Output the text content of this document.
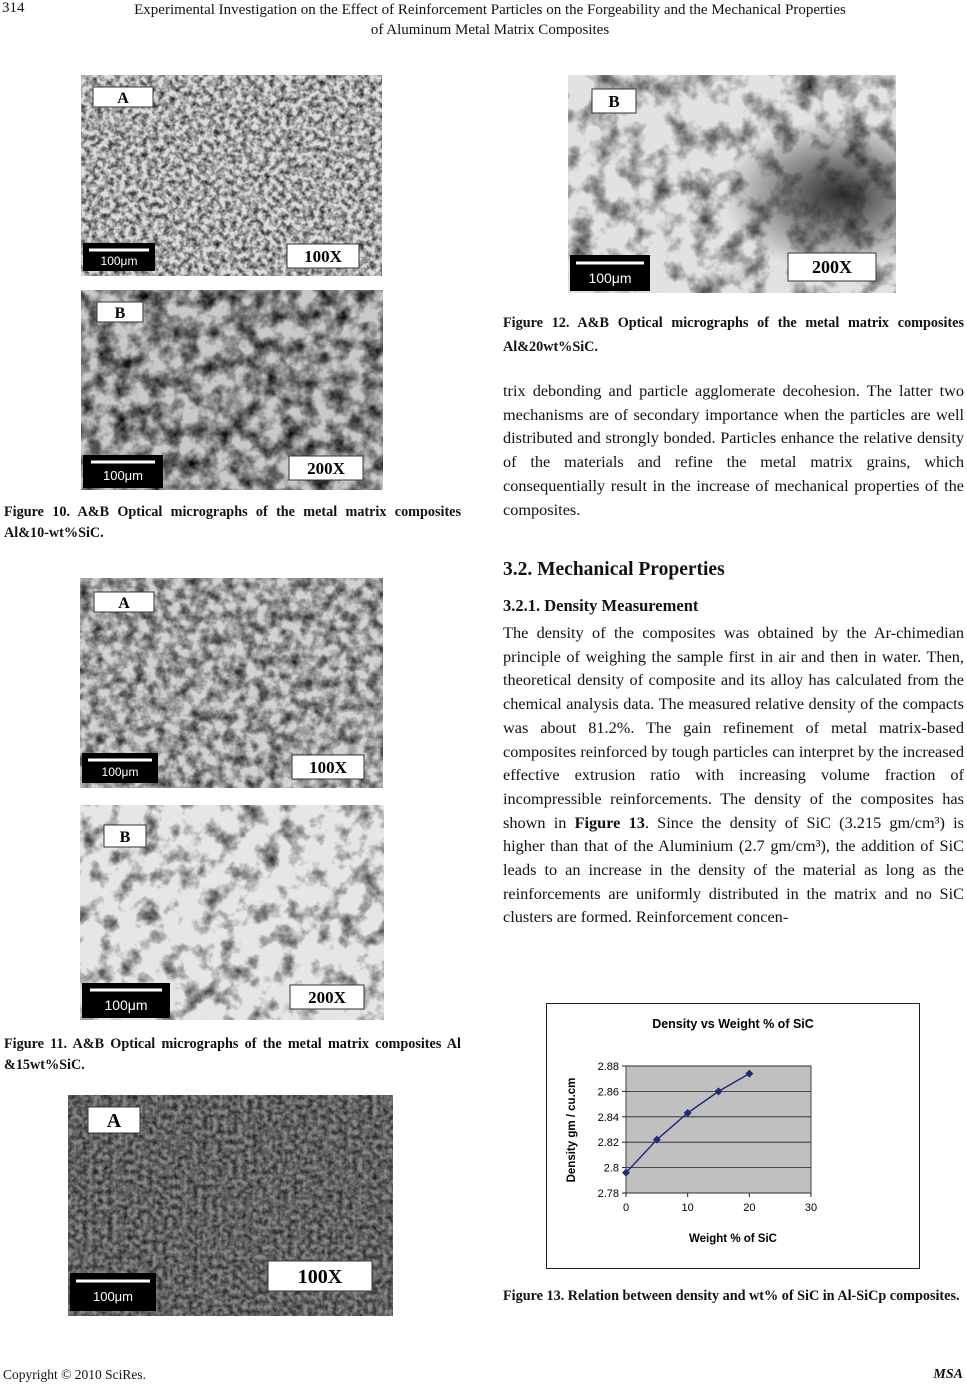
314	Experimental Investigation on the Effect of Reinforcement Particles on the Forgeability and the Mechanical Properties
of Aluminum Metal Matrix Composites
A
100μm	100X
B
100μm	200X
Figure 10. A&B Optical micrographs of the metal matrix composites Al&10-wt%SiC.
A
100μm	100X
B
100μm	200X
Figure 11. A&B Optical micrographs of the metal matrix composites Al &15wt%SiC.
A
100μm
100X
B
100μm
200X
Figure 12. A&B Optical micrographs of the metal matrix composites Al&20wt%SiC.
trix debonding and particle agglomerate decohesion. The latter two mechanisms are of secondary importance when the particles are well distributed and strongly bonded. Particles enhance the relative density of the materials and refine the metal matrix grains, which consequentially result in the increase of mechanical properties of the composites.
3.2. Mechanical Properties
3.2.1. Density Measurement
The density of the composites was obtained by the Ar-chimedian principle of weighing the sample first in air and then in water. Then, theoretical density of composite and its alloy has calculated from the chemical analysis data. The measured relative density of the compacts was about 81.2%. The gain refinement of metal matrix-based composites reinforced by tough particles can interpret by the increased effective extrusion ratio with increasing volume fraction of incompressible reinforcements. The density of the composites has shown in Figure 13. Since the density of SiC (3.215 gm/cm³) is higher than that of the Aluminium (2.7 gm/cm³), the addition of SiC leads to an increase in the density of the material as long as the reinforcements are uniformly distributed in the matrix and no SiC clusters are formed. Reinforcement concen-
Density vs Weight % of SiC
2.78
2.8
2.82
2.84
2.86
2.88
0	10	20	30
Weight % of SiC
Density gm / cu.cm
Figure 13. Relation between density and wt% of SiC in Al-SiCp composites.
Copyright © 2010 SciRes.	MSA
